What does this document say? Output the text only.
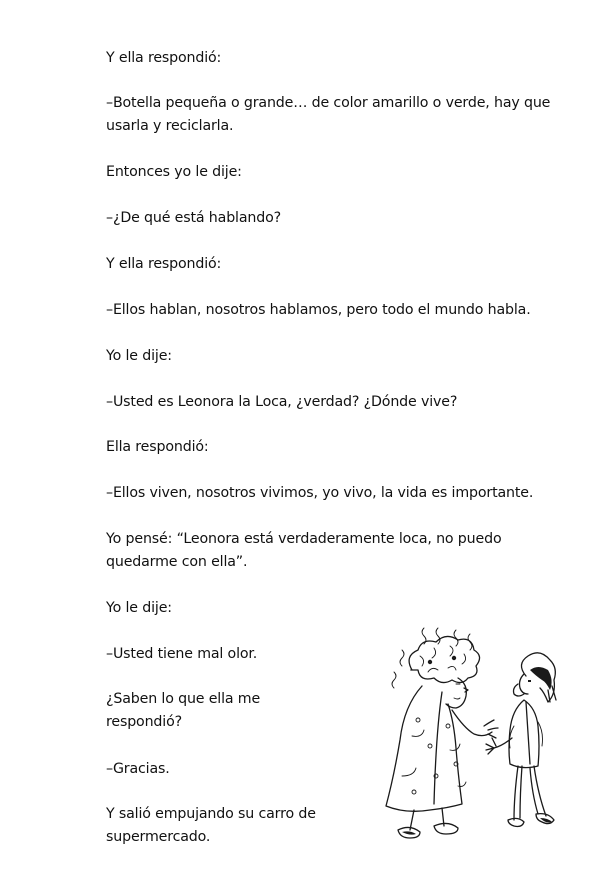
Y ella respondió:

–Botella pequeña o grande… de color amarillo o verde, hay que
usarla y reciclarla.

Entonces yo le dije:

–¿De qué está hablando?

Y ella respondió:

–Ellos hablan, nosotros hablamos, pero todo el mundo habla.

Yo le dije:

–Usted es Leonora la Loca, ¿verdad? ¿Dónde vive?

Ella respondió:

–Ellos viven, nosotros vivimos, yo vivo, la vida es importante.

Yo pensé: “Leonora está verdaderamente loca, no puedo
quedarme con ella”.

Yo le dije:

–Usted tiene mal olor.

¿Saben lo que ella me
respondió?

–Gracias.

Y salió empujando su carro de
supermercado.
